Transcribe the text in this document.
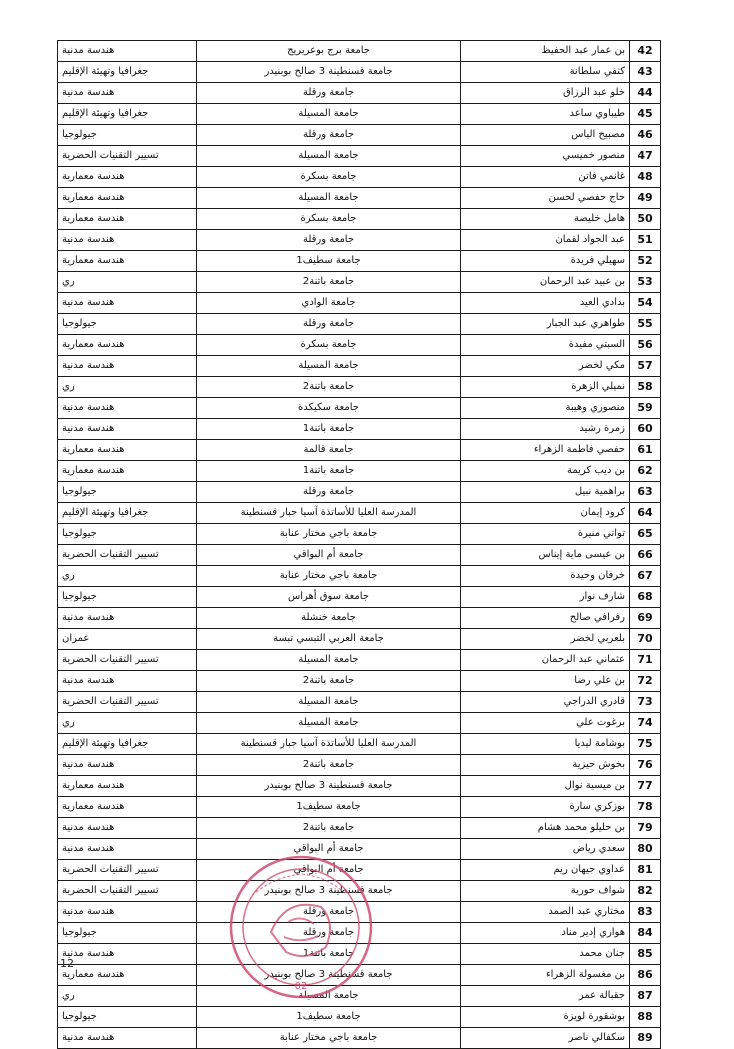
42	بن عمار عبد الحفيظ	جامعة برج بوعريريج	هندسة مدنية
43	كتفي سلطانة	جامعة قسنطينة 3 صالح بوبنيدر	جغرافيا وتهيئة الإقليم
44	خلو عبد الرزاق	جامعة ورقلة	هندسة مدنية
45	طيباوي ساعد	جامعة المسيلة	جغرافيا وتهيئة الإقليم
46	مصبيح الياس	جامعة ورقلة	جيولوجيا
47	منصور خميسي	جامعة المسيلة	تسيير التقنيات الحضرية
48	غانمي فاتن	جامعة بسكرة	هندسة معمارية
49	حاج حفصي لحسن	جامعة المسيلة	هندسة معمارية
50	هامل خليصة	جامعة بسكرة	هندسة معمارية
51	عبد الجواد لقمان	جامعة ورقلة	هندسة مدنية
52	سهيلي فريدة	جامعة سطيف1	هندسة معمارية
53	بن عبيد عبد الرحمان	جامعة باتنة2	ري
54	بدادي العيد	جامعة الوادي	هندسة مدنية
55	طواهري عبد الجبار	جامعة ورقلة	جيولوجيا
56	السبتي مفيدة	جامعة بسكرة	هندسة معمارية
57	مكي لخضر	جامعة المسيلة	هندسة مدنية
58	نميلي الزهرة	جامعة باتنة2	ري
59	منصوري وهيبة	جامعة سكيكدة	هندسة مدنية
60	زمرة رشيد	جامعة باتنة1	هندسة مدنية
61	حفصي فاطمة الزهراء	جامعة قالمة	هندسة معمارية
62	بن ديب كريمة	جامعة باتنة1	هندسة معمارية
63	براهمية نبيل	جامعة ورقلة	جيولوجيا
64	كرود إيمان	المدرسة العليا للأساتذة آسيا جبار قسنطينة	جغرافيا وتهيئة الإقليم
65	تواتي منيرة	جامعة باجي مختار عنابة	جيولوجيا
66	بن عيسى ماية إيناس	جامعة أم البواقي	تسيير التقنيات الحضرية
67	خرفان وحيدة	جامعة باجي مختار عنابة	ري
68	شارف نوار	جامعة سوق أهراس	جيولوجيا
69	رفرافي صالح	جامعة خنشلة	هندسة مدنية
70	بلعربي لخضر	جامعة العربي التبسي تبسة	عمران
71	عثماني عبد الرحمان	جامعة المسيلة	تسيير التقنيات الحضرية
72	بن علي رضا	جامعة باتنة2	هندسة مدنية
73	قادري الدراجي	جامعة المسيلة	تسيير التقنيات الحضرية
74	برغوت علي	جامعة المسيلة	ري
75	بوشامة ليديا	المدرسة العليا للأساتذة آسيا جبار قسنطينة	جغرافيا وتهيئة الإقليم
76	بخوش حيزية	جامعة باتنة2	هندسة مدنية
77	بن ميسية نوال	جامعة قسنطينة 3 صالح بوبنيدر	هندسة معمارية
78	بوزكري سارة	جامعة سطيف1	هندسة معمارية
79	بن حليلو محمد هشام	جامعة باتنة2	هندسة مدنية
80	سعدي رياض	جامعة أم البواقي	هندسة مدنية
81	عداوي جيهان ريم	جامعة أم البواقي	تسيير التقنيات الحضرية
82	شواف حورية	جامعة قسنطينة 3 صالح بوبنيدر	تسيير التقنيات الحضرية
83	مختاري عبد الصمد	جامعة ورقلة	هندسة مدنية
84	هواري إدير مناد	جامعة ورقلة	جيولوجيا
85	جنان محمد	جامعة باتنة1	هندسة مدنية
86	بن مغسولة الزهراء	جامعة قسنطينة 3 صالح بوبنيدر	هندسة معمارية
87	جقبالة عمر	جامعة المسيلة	ري
88	بوشقورة لويزة	جامعة سطيف1	جيولوجيا
89	سكفالي ناصر	جامعة باجي مختار عنابة	هندسة مدنية
12
02
